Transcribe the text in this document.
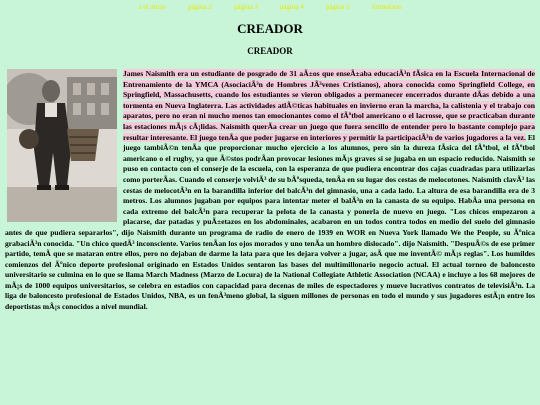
a el inicio	página 2	página 3	página 4	página 5	formulario
CREADOR
CREADOR
James Naismith era un estudiante de posgrado de 31 aÃ±os que enseÃ±aba educaciÃ³n fÃsica en la Escuela Internacional de Entrenamiento de la YMCA (AsociaciÃ³n de Hombres JÃ³venes Cristianos), ahora conocida como Springfield College, en Springfield, Massachusetts, cuando los estudiantes se vieron obligados a permanecer encerrados durante dÃas debido a una tormenta en Nueva Inglaterra. Las actividades atlÃ©ticas habituales en invierno eran la marcha, la calistenia y el trabajo con aparatos, pero no eran ni mucho menos tan emocionantes como el fÃºtbol americano o el lacrosse, que se practicaban durante las estaciones mÃ¡s cÃ¡lidas. Naismith querÃa crear un juego que fuera sencillo de entender pero lo bastante complejo para resultar interesante. El juego tenÃa que poder jugarse en interiores y permitir la participaciÃ³n de varios jugadores a la vez. El juego tambiÃ©n tenÃa que proporcionar mucho ejercicio a los alumnos, pero sin la dureza fÃsica del fÃºtbol, el fÃºtbol americano o el rugby, ya que Ã©stos podrÃan provocar lesiones mÃ¡s graves si se jugaba en un espacio reducido. Naismith se puso en contacto con el conserje de la escuela, con la esperanza de que pudiera encontrar dos cajas cuadradas para utilizarlas como porterÃas. Cuando el conserje volviÃ³ de su bÃºsqueda, tenÃa en su lugar dos cestas de melocotones. Naismith clavÃ³ las cestas de melocotÃ³n en la barandilla inferior del balcÃ³n del gimnasio, una a cada lado. La altura de esa barandilla era de 3 metros. Los alumnos jugaban por equipos para intentar meter el balÃ³n en la canasta de su equipo. HabÃa una persona en cada extremo del balcÃ³n para recuperar la pelota de la canasta y ponerla de nuevo en juego. "Los chicos empezaron a placarse, dar patadas y puÃ±etazos en los abdominales, acabaron en un todos contra todos en medio del suelo del gimnasio antes de que pudiera separarlos", dijo Naismith durante un programa de radio de enero de 1939 en WOR en Nueva York llamado We the People, su Ãºnica grabaciÃ³n conocida. "Un chico quedÃ³ inconsciente. Varios tenÃan los ojos morados y uno tenÃa un hombro dislocado". dijo Naismith. "DespuÃ©s de ese primer partido, temÃ que se mataran entre ellos, pero no dejaban de darme la lata para que les dejara volver a jugar, asÃ que me inventÃ© mÃ¡s reglas". Los humildes comienzos del Ãºnico deporte profesional originado en Estados Unidos sentaron las bases del multimillonario negocio actual. El actual torneo de baloncesto universitario se culmina en lo que se llama March Madness (Marzo de Locura) de la National Collegiate Athletic Association (NCAA) e incluye a los 68 mejores de mÃ¡s de 1000 equipos universitarios, se celebra en estadios con capacidad para decenas de miles de espectadores y mueve lucrativos contratos de televisiÃ³n. La liga de baloncesto profesional de Estados Unidos, NBA, es un fenÃ³meno global, la siguen millones de personas en todo el mundo y sus jugadores estÃ¡n entre los deportistas mÃ¡s conocidos a nivel mundial.
